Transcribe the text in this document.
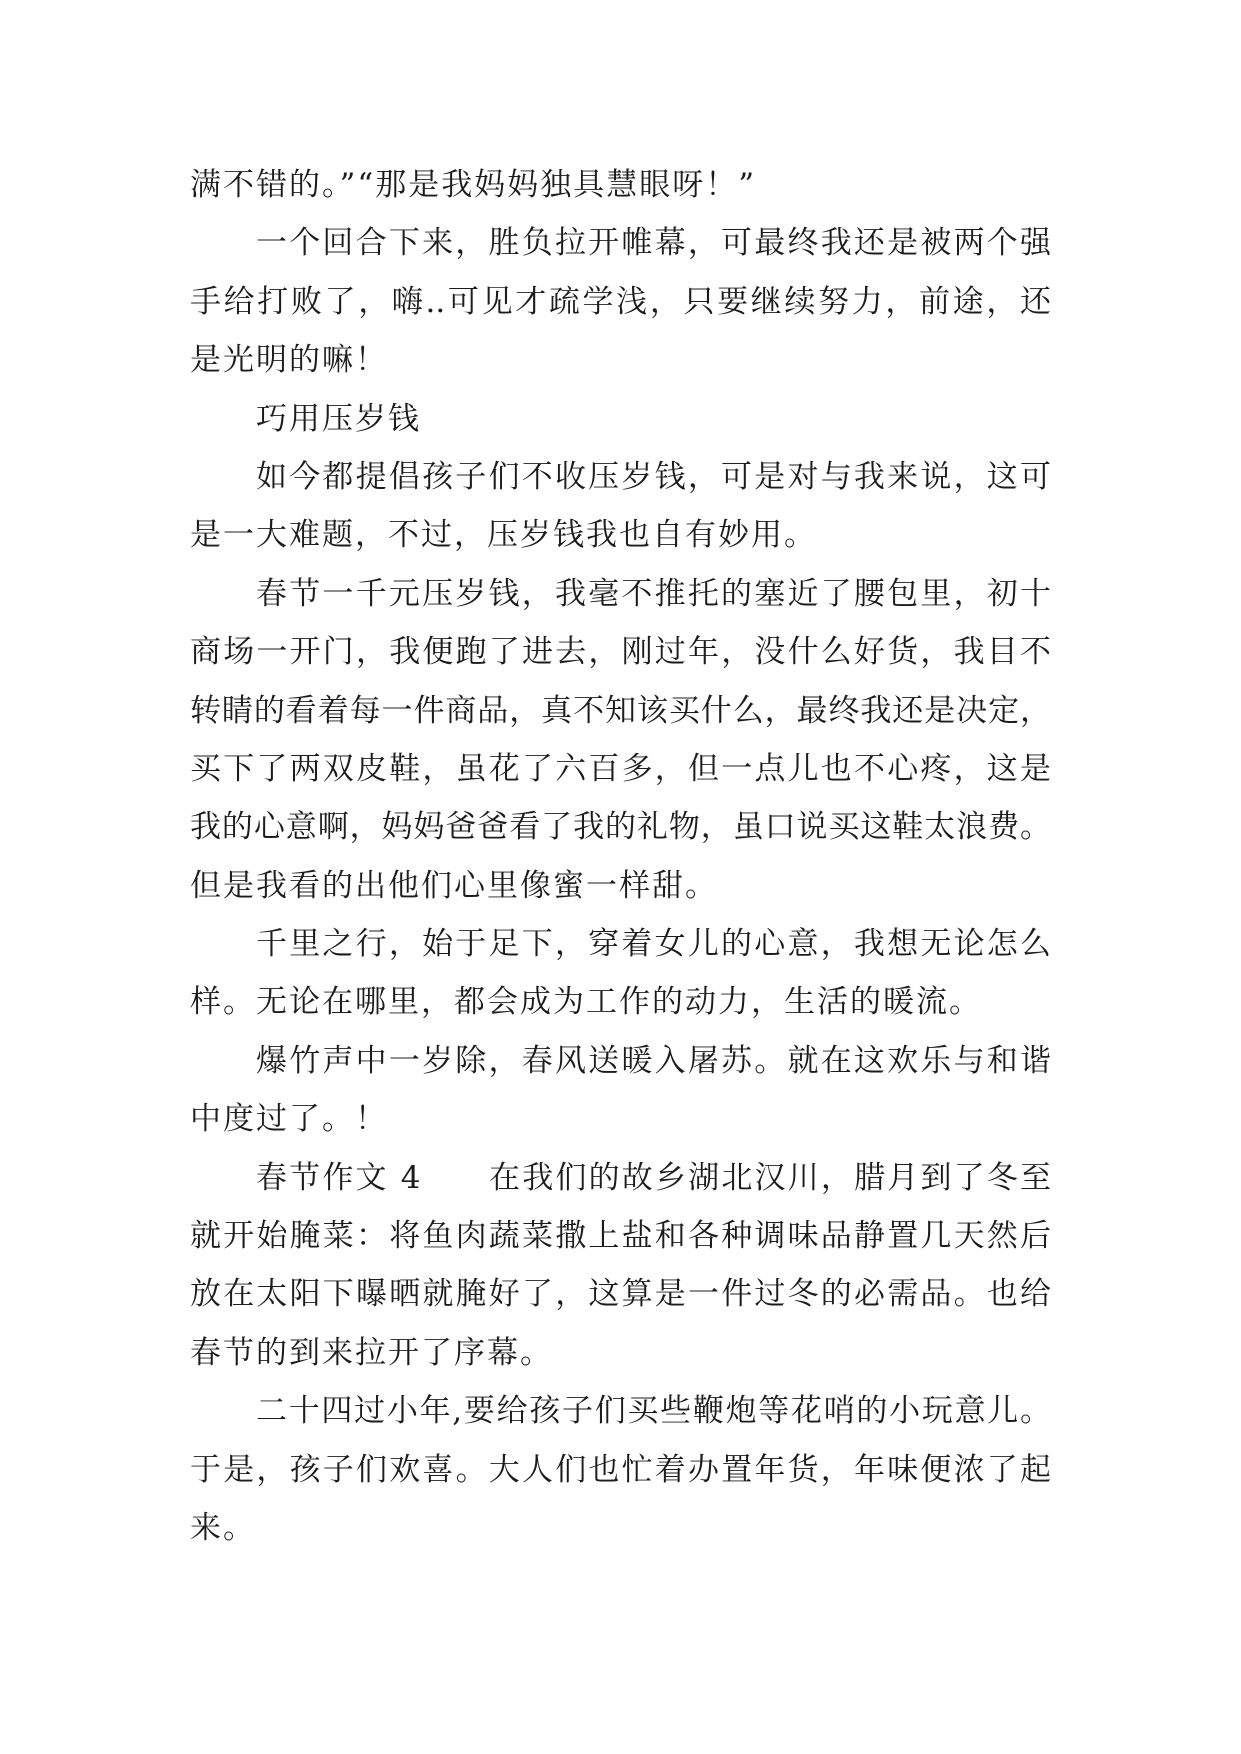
满不错的。”“那是我妈妈独具慧眼呀！”
一个回合下来，胜负拉开帷幕，可最终我还是被两个强
手给打败了，嗨..可见才疏学浅，只要继续努力，前途，还
是光明的嘛！
巧用压岁钱
如今都提倡孩子们不收压岁钱，可是对与我来说，这可
是一大难题，不过，压岁钱我也自有妙用。
春节一千元压岁钱，我毫不推托的塞近了腰包里，初十
商场一开门，我便跑了进去，刚过年，没什么好货，我目不
转睛的看着每一件商品，真不知该买什么，最终我还是决定，
买下了两双皮鞋，虽花了六百多，但一点儿也不心疼，这是
我的心意啊，妈妈爸爸看了我的礼物，虽口说买这鞋太浪费。
但是我看的出他们心里像蜜一样甜。
千里之行，始于足下，穿着女儿的心意，我想无论怎么
样。无论在哪里，都会成为工作的动力，生活的暖流。
爆竹声中一岁除，春风送暖入屠苏。就在这欢乐与和谐
中度过了。！
春节作文 4　　在我们的故乡湖北汉川，腊月到了冬至
就开始腌菜：将鱼肉蔬菜撒上盐和各种调味品静置几天然后
放在太阳下曝晒就腌好了，这算是一件过冬的必需品。也给
春节的到来拉开了序幕。
二十四过小年,要给孩子们买些鞭炮等花哨的小玩意儿。
于是，孩子们欢喜。大人们也忙着办置年货，年味便浓了起
来。
